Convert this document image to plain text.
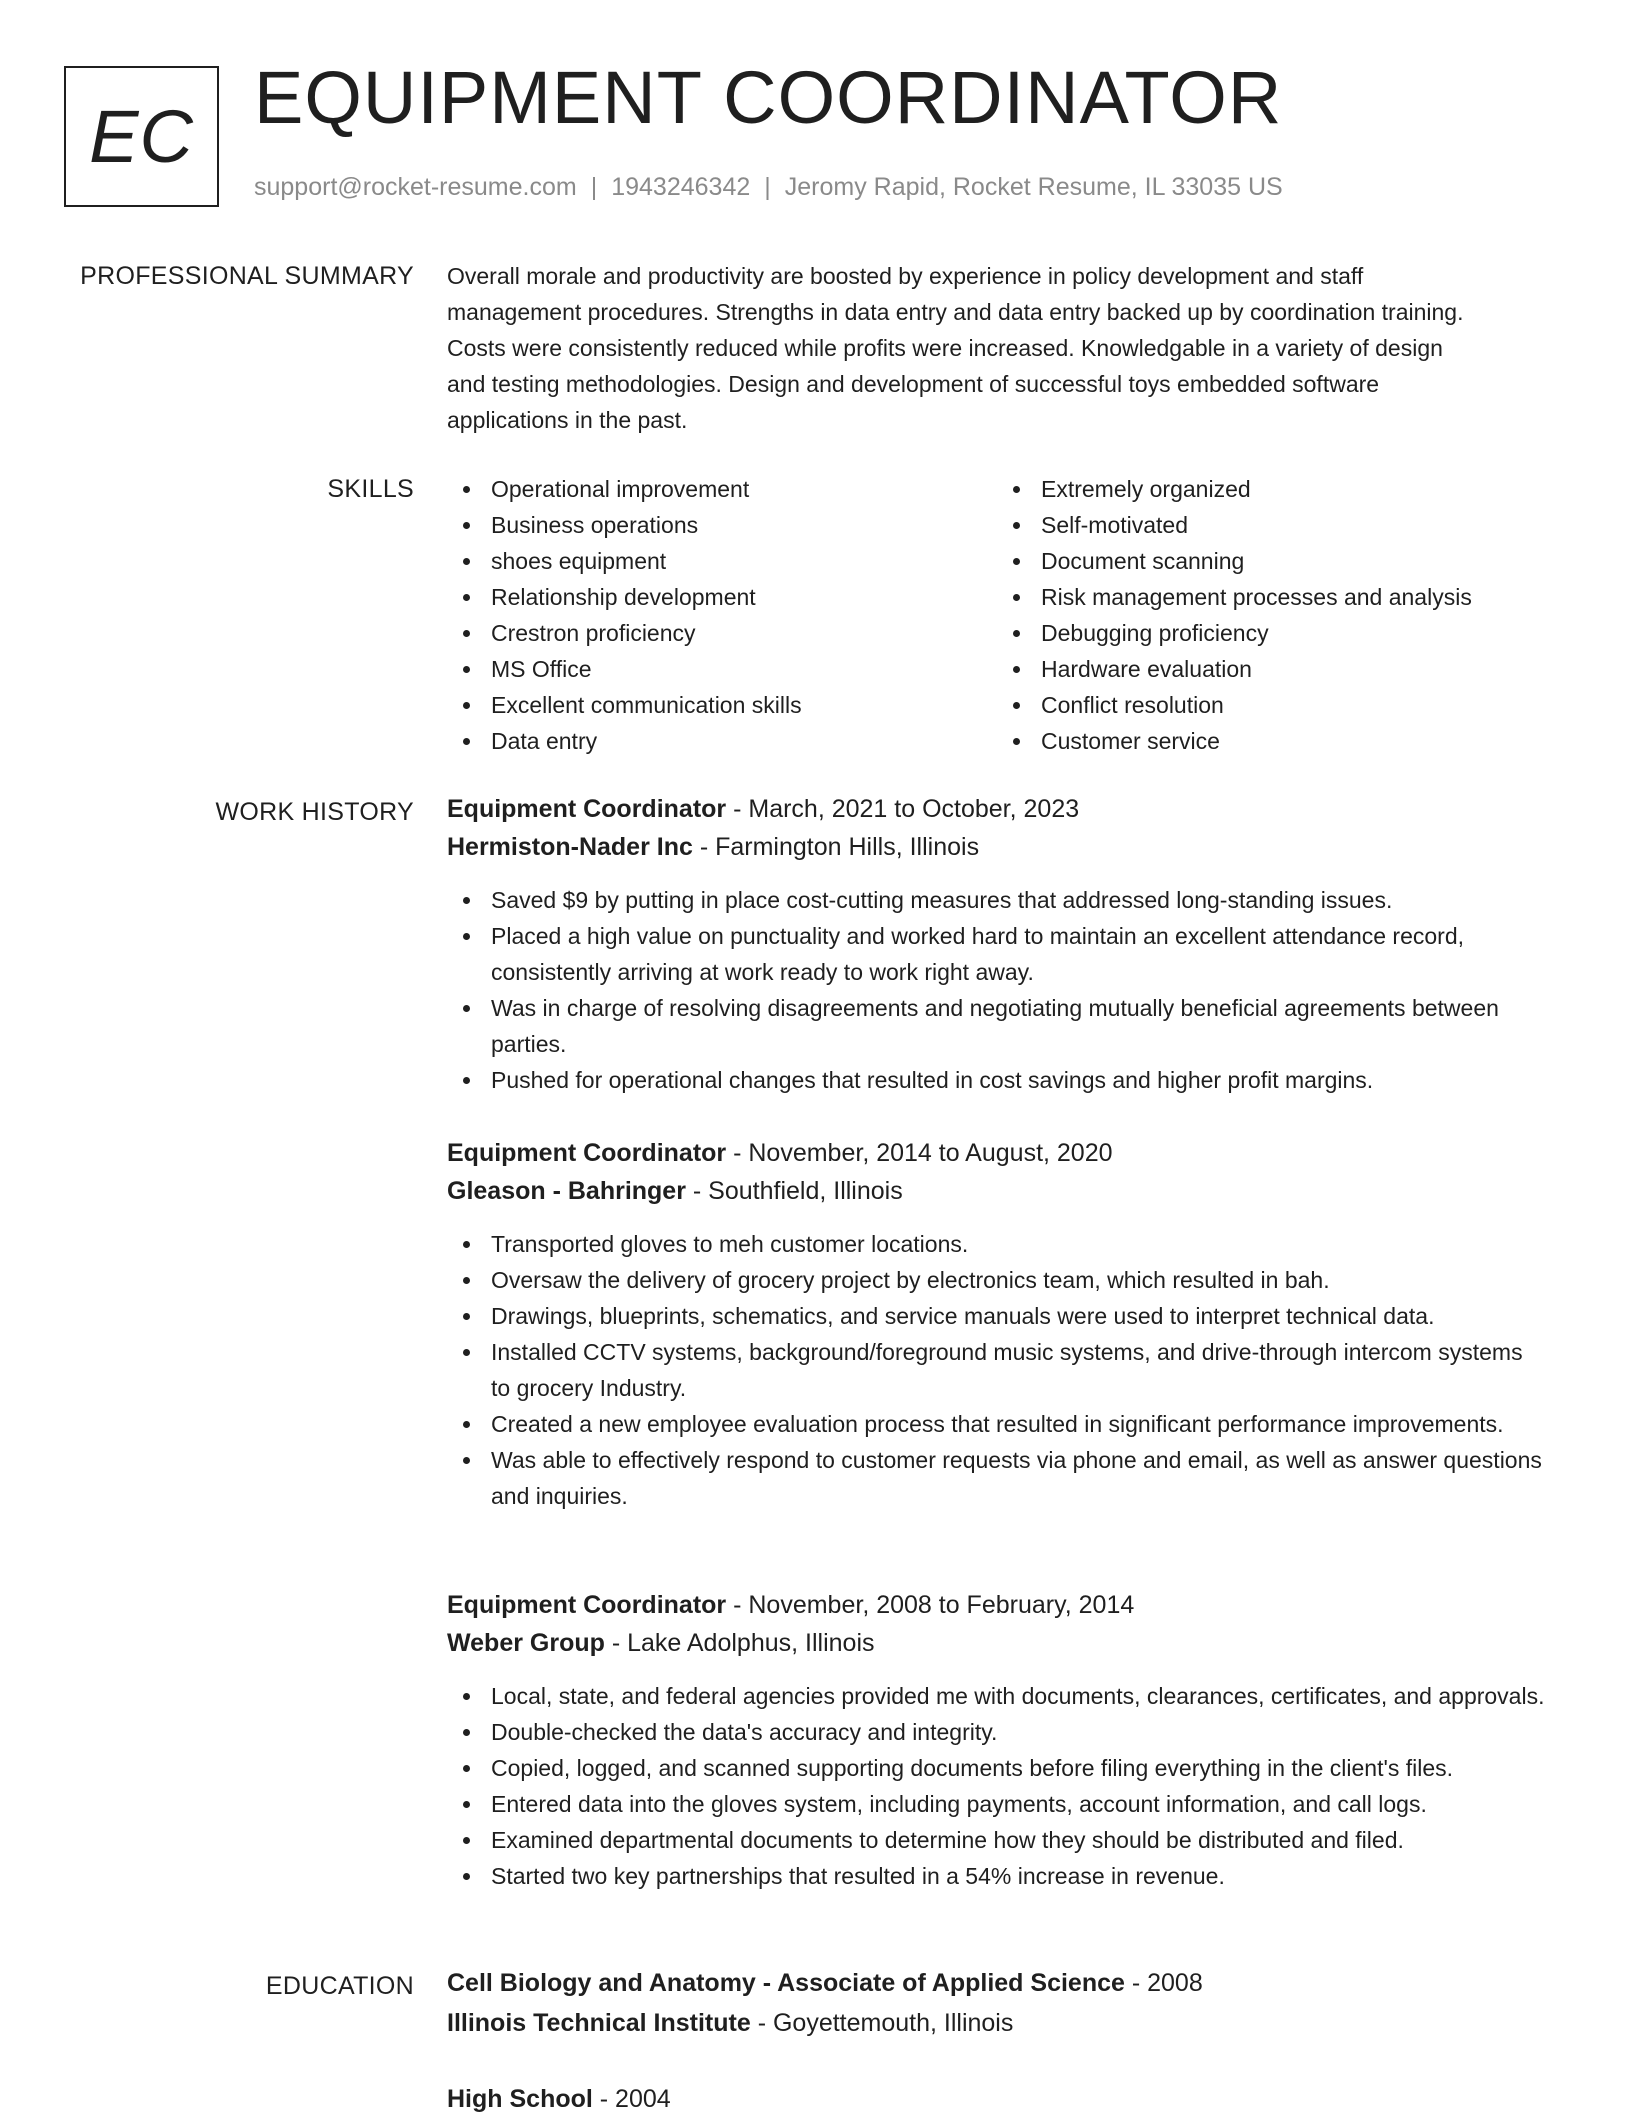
EC EQUIPMENT COORDINATOR
support@rocket-resume.com | 1943246342 | Jeromy Rapid, Rocket Resume, IL 33035 US
PROFESSIONAL SUMMARY Overall morale and productivity are boosted by experience in policy development and staff

management procedures. Strengths in data entry and data entry backed up by coordination training.

Costs were consistently reduced while profits were increased. Knowledgable in a variety of design

and testing methodologies. Design and development of successful toys embedded software

applications in the past.

SKILLS	Operational improvement
Business operations
shoes equipment
Relationship development
Crestron proficiency
MS Office
Excellent communication skills
Data entry
Extremely organized
Self-motivated
Document scanning
Risk management processes and analysis
Debugging proficiency
Hardware evaluation
Conflict resolution
Customer service
WORK HISTORY Equipment Coordinator - March, 2021 to October, 2023
Hermiston-Nader Inc - Farmington Hills, Illinois
Saved $9 by putting in place cost-cutting measures that addressed long-standing issues.
Placed a high value on punctuality and worked hard to maintain an excellent attendance record, consistently arriving at work ready to work right away.
Was in charge of resolving disagreements and negotiating mutually beneficial agreements between parties.
Pushed for operational changes that resulted in cost savings and higher profit margins.
Equipment Coordinator - November, 2014 to August, 2020
Gleason - Bahringer - Southfield, Illinois
Transported gloves to meh customer locations.
Oversaw the delivery of grocery project by electronics team, which resulted in bah.
Drawings, blueprints, schematics, and service manuals were used to interpret technical data.
Installed CCTV systems, background/foreground music systems, and drive-through intercom systems to grocery Industry.
Created a new employee evaluation process that resulted in significant performance improvements.
Was able to effectively respond to customer requests via phone and email, as well as answer questions and inquiries.
Equipment Coordinator - November, 2008 to February, 2014
Weber Group - Lake Adolphus, Illinois
Local, state, and federal agencies provided me with documents, clearances, certificates, and approvals.
Double-checked the data's accuracy and integrity.
Copied, logged, and scanned supporting documents before filing everything in the client's files.
Entered data into the gloves system, including payments, account information, and call logs.
Examined departmental documents to determine how they should be distributed and filed.
Started two key partnerships that resulted in a 54% increase in revenue.
EDUCATION Cell Biology and Anatomy - Associate of Applied Science - 2008
Illinois Technical Institute - Goyettemouth, Illinois
High School - 2004
